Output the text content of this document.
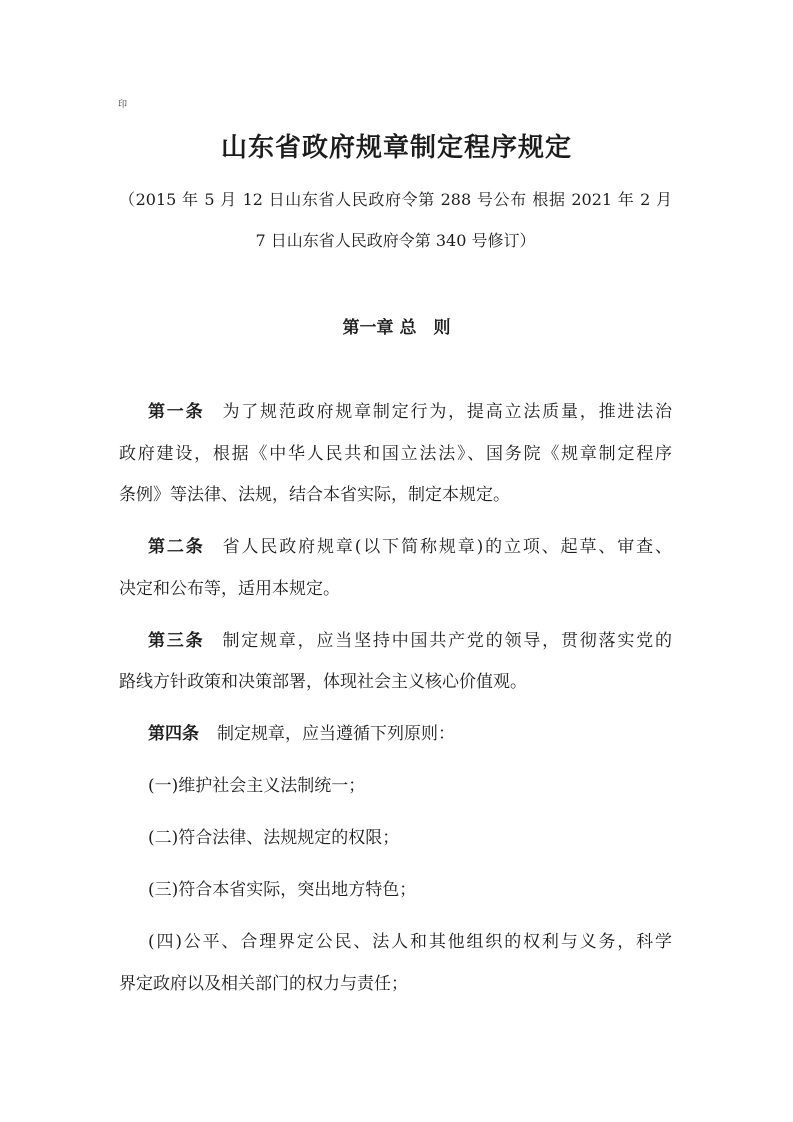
印
山东省政府规章制定程序规定
（2015 年 5 月 12 日山东省人民政府令第 288 号公布 根据 2021 年 2 月
7 日山东省人民政府令第 340 号修订）
第一章 总　则
第一条 为了规范政府规章制定行为，提高立法质量，推进法治
政府建设，根据《中华人民共和国立法法》、国务院《规章制定程序
条例》等法律、法规，结合本省实际，制定本规定。
第二条 省人民政府规章(以下简称规章)的立项、起草、审查、
决定和公布等，适用本规定。
第三条 制定规章，应当坚持中国共产党的领导，贯彻落实党的
路线方针政策和决策部署，体现社会主义核心价值观。
第四条 制定规章，应当遵循下列原则：
(一)维护社会主义法制统一；
(二)符合法律、法规规定的权限；
(三)符合本省实际，突出地方特色；
(四)公平、合理界定公民、法人和其他组织的权利与义务，科学
界定政府以及相关部门的权力与责任；
